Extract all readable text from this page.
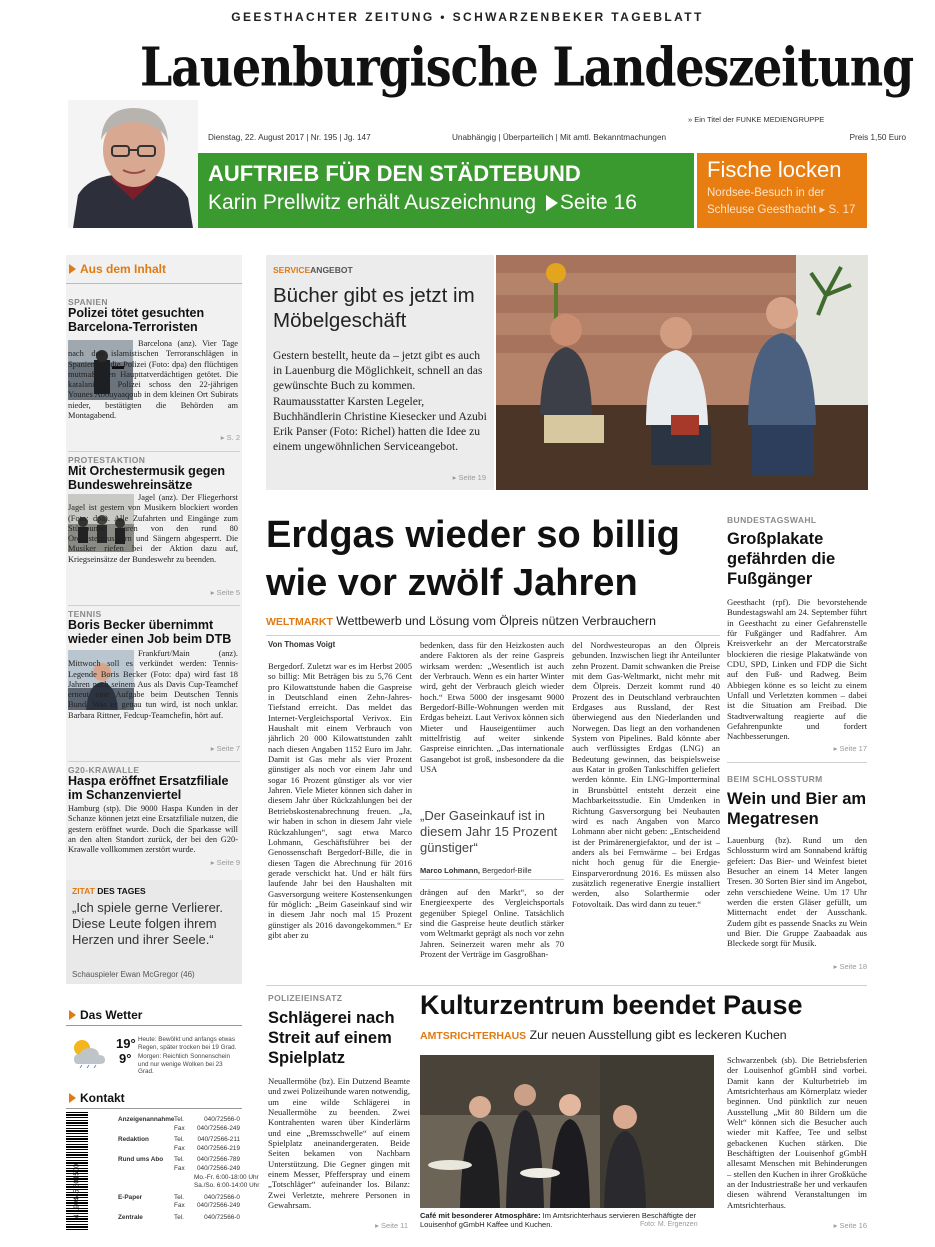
GEESTHACHTER ZEITUNG • SCHWARZENBEKER TAGEBLATT
Lauenburgische Landeszeitung
» Ein Titel der FUNKE MEDIENGRUPPE
Dienstag, 22. August 2017 | Nr. 195 | Jg. 147	Unabhängig | Überparteilich | Mit amtl. Bekanntmachungen	Preis 1,50 Euro
AUFTRIEB FÜR DEN STÄDTEBUND
Karin Prellwitz erhält Auszeichnung Seite 16
Fische locken
Nordsee-Besuch in der
Schleuse Geesthacht ▸ S. 17
Aus dem Inhalt
SPANIEN
Polizei tötet gesuchten Barcelona-Terroristen
Barcelona (anz). Vier Tage nach den islamistischen Terroranschlägen in Spanien hat die Polizei (Foto: dpa) den flüchtigen mutmaßlichen Haupttatverdächtigen getötet. Die katalanische Polizei schoss den 22-jährigen Younes Abouyaaqoub in dem kleinen Ort Subirats nieder, bestätigten die Behörden am Montagabend.
▸ S. 2
PROTESTAKTION
Mit Orchestermusik gegen Bundeswehreinsätze
Jagel (anz). Der Fliegerhorst Jagel ist gestern von Musikern blockiert worden (Foto: dpa). Alle Zufahrten und Eingänge zum Stützpunkt waren von den rund 80 Orchestermusikern und Sängern abgesperrt. Die Musiker riefen bei der Aktion dazu auf, Kriegseinsätze der Bundeswehr zu beenden.
▸ Seite 5
TENNIS
Boris Becker übernimmt wieder einen Job beim DTB
Frankfurt/Main (anz). Mittwoch soll es verkündet werden: Tennis-Legende Boris Becker (Foto: dpa) wird fast 18 Jahren nach seinem Aus als Davis Cup-Teamchef erneut eine Aufgabe beim Deutschen Tennis Bund. Was er genau tun wird, ist noch unklar. Barbara Rittner, Fedcup-Teamchefin, hört auf.
▸ Seite 7
G20-KRAWALLE
Haspa eröffnet Ersatzfiliale im Schanzenviertel
Hamburg (stp). Die 9000 Haspa Kunden in der Schanze können jetzt eine Ersatzfiliale nutzen, die gestern eröffnet wurde. Doch die Sparkasse will an den alten Standort zurück, der bei den G20-Krawalle vollkommen zerstört wurde.
▸ Seite 9
ZITAT DES TAGES
„Ich spiele gerne Verlierer. Diese Leute folgen ihrem Herzen und ihrer Seele.“
Schauspieler Ewan McGregor (46)
Das Wetter
19°
9°
Heute: Bewölkt und anfangs etwas Regen, später trocken bei 19 Grad.
Morgen: Reichlich Sonnenschein und nur wenige Wolken bei 23 Grad.
Kontakt
4 190445 601500
Anzeigenannahme Tel.	040/72566-0
Fax	040/72566-249
Redaktion	Tel.	040/72566-211
Fax	040/72566-219
Rund ums Abo	Tel.	040/72566-789
Fax	040/72566-249
Mo.-Fr. 6:00-18:00 Uhr
Sa./So. 6:00-14:00 Uhr
E-Paper	Tel.	040/72566-0
Fax	040/72566-249
Zentrale	Tel.	040/72566-0
SERVICEANGEBOT
Bücher gibt es jetzt im Möbelgeschäft
Gestern bestellt, heute da – jetzt gibt es auch in Lauenburg die Möglichkeit, schnell an das gewünschte Buch zu kommen. Raumausstatter Karsten Legeler, Buchhändlerin Christine Kiesecker und Azubi Erik Panser (Foto: Richel) hatten die Idee zu einem ungewöhnlichen Serviceangebot.
▸ Seite 19
Erdgas wieder so billig wie vor zwölf Jahren
WELTMARKT Wettbewerb und Lösung vom Ölpreis nützen Verbrauchern
Von Thomas Voigt
Bergedorf. Zuletzt war es im Herbst 2005 so billig: Mit Beträgen bis zu 5,76 Cent pro Kilowattstunde haben die Gaspreise in Deutschland einen Zehn-Jahres-Tiefstand erreicht. Das meldet das Internet-Vergleichsportal Verivox. Ein Haushalt mit einem Verbrauch von jährlich 20 000 Kilowattstunden zahlt nach diesen Angaben 1152 Euro im Jahr. Damit ist Gas mehr als vier Prozent günstiger als noch vor einem Jahr und sogar 16 Prozent günstiger als vor vier Jahren. Viele Mieter können sich daher in diesem Jahr über Rückzahlungen bei der Betriebskostenabrechnung freuen. „Ja, wir haben in schon in diesem Jahr viele Rückzahlungen“, sagt etwa Marco Lohmann, Geschäftsführer bei der Genossenschaft Bergedorf-Bille, die in diesen Tagen die Abrechnung für 2016 gerade verschickt hat. Und er hält fürs laufende Jahr bei den Haushalten mit Gasversorgung weitere Kostensenkungen für möglich: „Beim Gaseinkauf sind wir in diesem Jahr noch mal 15 Prozent günstiger als 2016 davongekommen.“ Er gibt aber zu
bedenken, dass für den Heizkosten auch andere Faktoren als der reine Gaspreis wirksam werden: „Wesentlich ist auch der Verbrauch. Wenn es ein harter Winter wird, geht der Verbrauch gleich wieder hoch.“ Etwa 5000 der insgesamt 9000 Bergedorf-Bille-Wohnungen werden mit Erdgas beheizt. Laut Verivox können sich Mieter und Hauseigentümer auch mittelfristig auf weiter sinkende Gaspreise einrichten. „Das internationale Gasangebot ist groß, insbesondere da die USA
„Der Gaseinkauf ist in diesem Jahr 15 Prozent günstiger“
Marco Lohmann, Bergedorf-Bille
drängen auf den Markt“, so der Energieexperte des Vergleichsportals gegenüber Spiegel Online. Tatsächlich sind die Gaspreise heute deutlich stärker vom Weltmarkt geprägt als noch vor zehn Jahren. Seinerzeit waren mehr als 70 Prozent der Verträge im Gasgroßhan-
del Nordwesteuropas an den Ölpreis gebunden. Inzwischen liegt ihr Anteilunter zehn Prozent. Damit schwanken die Preise mit dem Gas-Weltmarkt, nicht mehr mit dem Ölpreis. Derzeit kommt rund 40 Prozent des in Deutschland verbrauchten Erdgases aus Russland, der Rest überwiegend aus den Niederlanden und Norwegen. Das liegt an den vorhandenen System von Pipelines. Bald könnte aber auch verflüssigtes Erdgas (LNG) an Bedeutung gewinnen, das beispielsweise aus Katar in großen Tankschiffen geliefert werden könnte. Ein LNG-Importterminal in Brunsbüttel entsteht derzeit eine Machbarkeitsstudie. Ein Umdenken in Richtung Gasversorgung bei Neubauten wird es nach Angaben von Marco Lohmann aber nicht geben: „Entscheidend ist der Primärenergiefaktor, und der ist – anders als bei Fernwärme – bei Erdgas nicht hoch genug für die Energie-Einsparverordnung 2016. Es müssen also zusätzlich regenerative Energie installiert werden, also Solarthermie oder Fotovoltaik. Das wird dann zu teuer.“
BUNDESTAGSWAHL
Großplakate gefährden die Fußgänger
Geesthacht (rpf). Die bevorstehende Bundestagswahl am 24. September führt in Geesthacht zu einer Gefahrenstelle für Fußgänger und Radfahrer. Am Kreisverkehr an der Mercatorstraße blockieren die riesige Plakatwände von CDU, SPD, Linken und FDP die Sicht auf den Fuß- und Radweg. Beim Abbiegen könne es so leicht zu einem Unfall und Verletzten kommen – dabei ist die Situation am Freibad. Die Stadtverwaltung reagierte auf die Gefahrenpunkte und fordert Nachbesserungen.
▸ Seite 17
BEIM SCHLOSSTURM
Wein und Bier am Megatresen
Lauenburg (bz). Rund um den Schlossturm wird am Sonnabend kräftig gefeiert: Das Bier- und Weinfest bietet Besucher an einem 14 Meter langen Tresen. 30 Sorten Bier sind im Angebot, zehn verschiedene Weine. Um 17 Uhr werden die ersten Gläser gefüllt, um Mitternacht endet der Ausschank. Zudem gibt es passende Snacks zu Wein und Bier. Die Gruppe Zaabaadak aus Bleckede sorgt für Musik.
▸ Seite 18
POLIZEIEINSATZ
Schlägerei nach Streit auf einem Spielplatz
Neuallermöhe (bz). Ein Dutzend Beamte und zwei Polizeihunde waren notwendig, um eine wilde Schlägerei in Neuallermöhe zu beenden. Zwei Kontrahenten waren über Kinderlärm und eine „Bremsschwelle“ auf einem Spielplatz aneinandergeraten. Beide Seiten bekamen von Nachbarn Unterstützung. Die Gegner gingen mit einem Messer, Pfefferspray und einem „Totschläger“ aufeinander los. Bilanz: Zwei Verletzte, mehrere Personen in Gewahrsam.
▸ Seite 11
Kulturzentrum beendet Pause
AMTSRICHTERHAUS Zur neuen Ausstellung gibt es leckeren Kuchen
Café mit besonderer Atmosphäre: Im Amtsrichterhaus servieren Beschäftigte der Louisenhof gGmbH Kaffee und Kuchen.	Foto: M. Ergenzen
Schwarzenbek (sb). Die Betriebsferien der Louisenhof gGmbH sind vorbei. Damit kann der Kulturbetrieb im Amtsrichterhaus am Körnerplatz wieder beginnen. Und pünktlich zur neuen Ausstellung „Mit 80 Bildern um die Welt“ können sich die Besucher auch wieder mit Kaffee, Tee und selbst gebackenen Kuchen stärken. Die Beschäftigten der Louisenhof gGmbH allesamt Menschen mit Behinderungen – stellen den Kuchen in ihrer Großküche an der Industriestraße her und verkaufen diesen während Veranstaltungen im Amtsrichterhaus.
▸ Seite 16
